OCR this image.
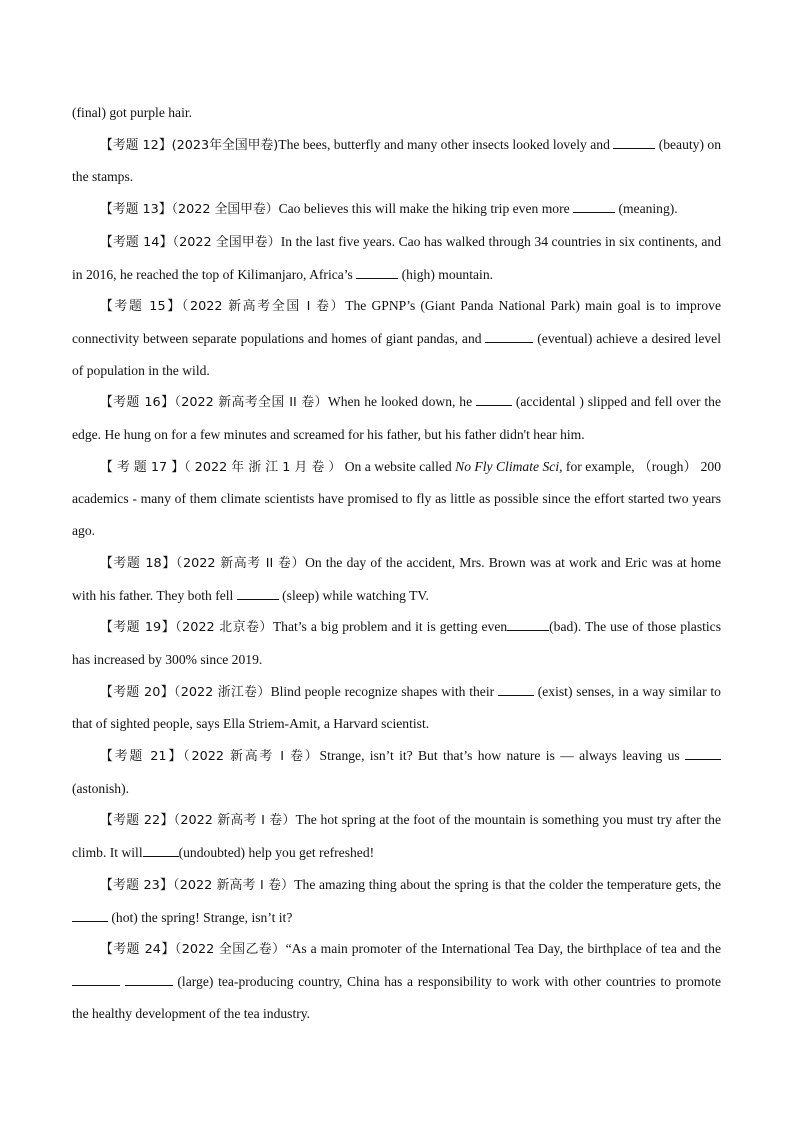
(final) got purple hair.

【考题 12】(2023年全国甲卷)The bees, butterfly and many other insects looked lovely and	(beauty) on the stamps.

【考题 13】（2022 全国甲卷）Cao believes this will make the hiking trip even more	(meaning).

【考题 14】（2022 全国甲卷）In the last five years. Cao has walked through 34 countries in six continents, and in 2016, he reached the top of Kilimanjaro, Africa’s	(high) mountain.

【考题 15】（2022 新高考全国 I 卷）The GPNP’s (Giant Panda National Park) main goal is to improve connectivity between separate populations and homes of giant pandas, and	(eventual) achieve a desired level of population in the wild.

【考题 16】（2022 新高考全国 II 卷）When he looked down, he	(accidental ) slipped and fell over the edge. He hung on for a few minutes and screamed for his father, but his father didn't hear him.

【 考 题 17 】（ 2022 年 浙 江 1 月 卷 ） On a website called No Fly Climate Sci, for example, （rough） 200 academics - many of them climate scientists have promised to fly as little as possible since the effort started two years ago.

【考题 18】（2022 新高考 II 卷）On the day of the accident, Mrs. Brown was at work and Eric was at home with his father. They both fell	(sleep) while watching TV.

【考题 19】（2022 北京卷）That’s a big problem and it is getting even	(bad). The use of those plastics has increased by 300% since 2019.

【考题 20】（2022 浙江卷）Blind people recognize shapes with their	(exist) senses, in a way similar to that of sighted people, says Ella Striem-Amit, a Harvard scientist.

【考题 21】（2022 新高考 I 卷）Strange, isn’t it? But that’s how nature is — always leaving us  (astonish).

【考题 22】（2022 新高考 I 卷）The hot spring at the foot of the mountain is something you must try after the climb. It will	(undoubted) help you get refreshed!

【考题 23】（2022 新高考 I 卷）The amazing thing about the spring is that the colder the temperature gets, the (hot) the spring! Strange, isn’t it?

【考题 24】（2022 全国乙卷）“As a main promoter of the International Tea Day, the birthplace of tea and the   (large) tea-producing country, China has a responsibility to work with other countries to promote the healthy development of the tea industry.
